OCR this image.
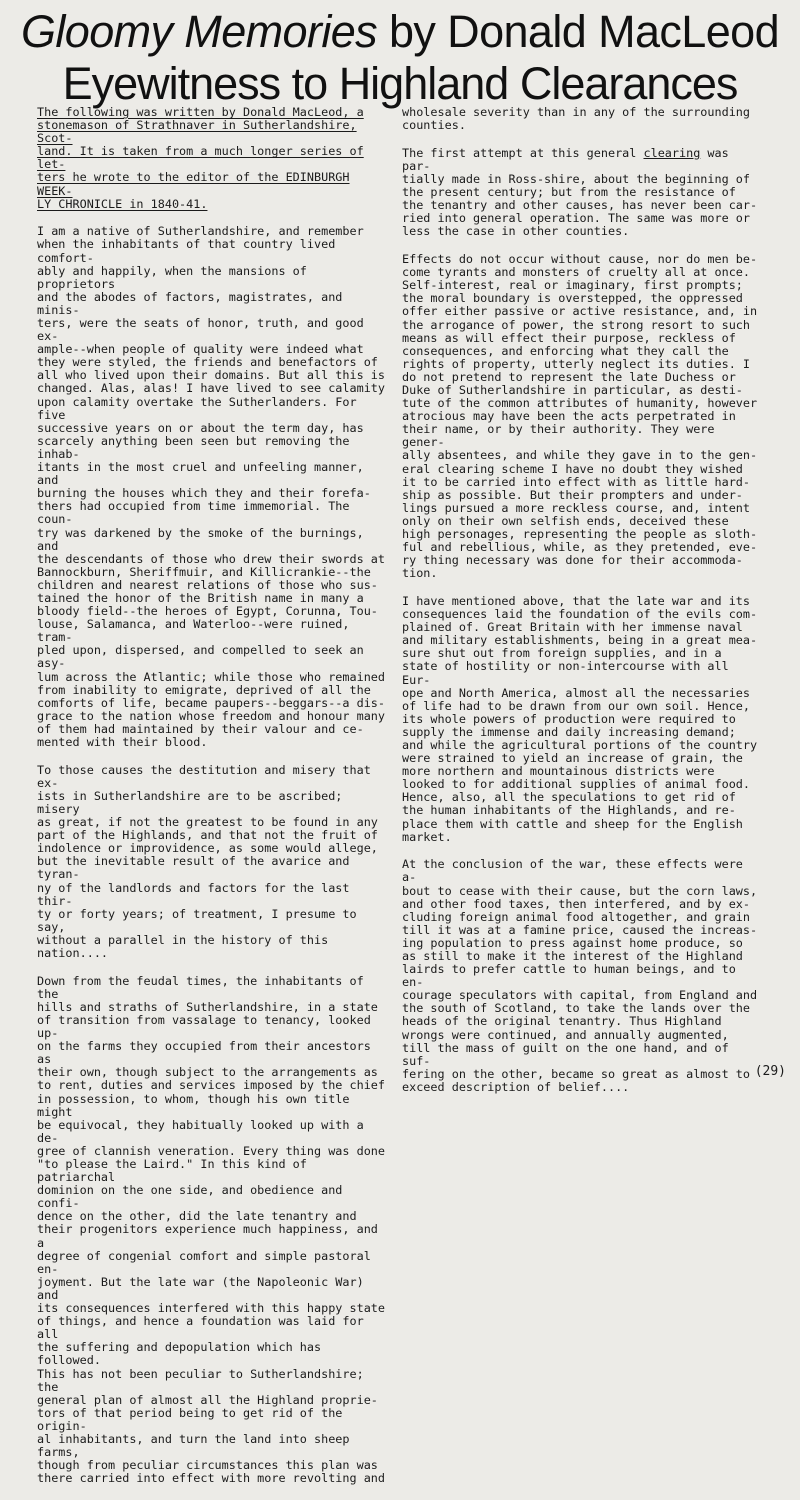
Gloomy Memories by Donald MacLeod
Eyewitness to Highland Clearances

The following was written by Donald MacLeod, a
stonemason of Strathnaver in Sutherlandshire, Scot-
land. It is taken from a much longer series of let-
ters he wrote to the editor of the EDINBURGH WEEK-
LY CHRONICLE in 1840-41.

I am a native of Sutherlandshire, and remember
when the inhabitants of that country lived comfort-
ably and happily, when the mansions of proprietors
and the abodes of factors, magistrates, and minis-
ters, were the seats of honor, truth, and good ex-
ample--when people of quality were indeed what
they were styled, the friends and benefactors of
all who lived upon their domains. But all this is
changed. Alas, alas! I have lived to see calamity
upon calamity overtake the Sutherlanders. For five
successive years on or about the term day, has
scarcely anything been seen but removing the inhab-
itants in the most cruel and unfeeling manner, and
burning the houses which they and their forefa-
thers had occupied from time immemorial. The coun-
try was darkened by the smoke of the burnings, and
the descendants of those who drew their swords at
Bannockburn, Sheriffmuir, and Killicrankie--the
children and nearest relations of those who sus-
tained the honor of the British name in many a
bloody field--the heroes of Egypt, Corunna, Tou-
louse, Salamanca, and Waterloo--were ruined, tram-
pled upon, dispersed, and compelled to seek an asy-
lum across the Atlantic; while those who remained
from inability to emigrate, deprived of all the
comforts of life, became paupers--beggars--a dis-
grace to the nation whose freedom and honour many
of them had maintained by their valour and ce-
mented with their blood.

To those causes the destitution and misery that ex-
ists in Sutherlandshire are to be ascribed; misery
as great, if not the greatest to be found in any
part of the Highlands, and that not the fruit of
indolence or improvidence, as some would allege,
but the inevitable result of the avarice and tyran-
ny of the landlords and factors for the last thir-
ty or forty years; of treatment, I presume to say,
without a parallel in the history of this nation....

Down from the feudal times, the inhabitants of the
hills and straths of Sutherlandshire, in a state
of transition from vassalage to tenancy, looked up-
on the farms they occupied from their ancestors as
their own, though subject to the arrangements as
to rent, duties and services imposed by the chief
in possession, to whom, though his own title might
be equivocal, they habitually looked up with a de-
gree of clannish veneration. Every thing was done
"to please the Laird." In this kind of patriarchal
dominion on the one side, and obedience and confi-
dence on the other, did the late tenantry and
their progenitors experience much happiness, and a
degree of congenial comfort and simple pastoral en-
joyment. But the late war (the Napoleonic War) and
its consequences interfered with this happy state
of things, and hence a foundation was laid for all
the suffering and depopulation which has followed.
This has not been peculiar to Sutherlandshire; the
general plan of almost all the Highland proprie-
tors of that period being to get rid of the origin-
al inhabitants, and turn the land into sheep farms,
though from peculiar circumstances this plan was
there carried into effect with more revolting and

wholesale severity than in any of the surrounding
counties.

The first attempt at this general clearing was par-
tially made in Ross-shire, about the beginning of
the present century; but from the resistance of
the tenantry and other causes, has never been car-
ried into general operation. The same was more or
less the case in other counties.

Effects do not occur without cause, nor do men be-
come tyrants and monsters of cruelty all at once.
Self-interest, real or imaginary, first prompts;
the moral boundary is overstepped, the oppressed
offer either passive or active resistance, and, in
the arrogance of power, the strong resort to such
means as will effect their purpose, reckless of
consequences, and enforcing what they call the
rights of property, utterly neglect its duties. I
do not pretend to represent the late Duchess or
Duke of Sutherlandshire in particular, as desti-
tute of the common attributes of humanity, however
atrocious may have been the acts perpetrated in
their name, or by their authority. They were gener-
ally absentees, and while they gave in to the gen-
eral clearing scheme I have no doubt they wished
it to be carried into effect with as little hard-
ship as possible. But their prompters and under-
lings pursued a more reckless course, and, intent
only on their own selfish ends, deceived these
high personages, representing the people as sloth-
ful and rebellious, while, as they pretended, eve-
ry thing necessary was done for their accommoda-
tion.

I have mentioned above, that the late war and its
consequences laid the foundation of the evils com-
plained of. Great Britain with her immense naval
and military establishments, being in a great mea-
sure shut out from foreign supplies, and in a
state of hostility or non-intercourse with all Eur-
ope and North America, almost all the necessaries
of life had to be drawn from our own soil. Hence,
its whole powers of production were required to
supply the immense and daily increasing demand;
and while the agricultural portions of the country
were strained to yield an increase of grain, the
more northern and mountainous districts were
looked to for additional supplies of animal food.
Hence, also, all the speculations to get rid of
the human inhabitants of the Highlands, and re-
place them with cattle and sheep for the English
market.

At the conclusion of the war, these effects were a-
bout to cease with their cause, but the corn laws,
and other food taxes, then interfered, and by ex-
cluding foreign animal food altogether, and grain
till it was at a famine price, caused the increas-
ing population to press against home produce, so
as still to make it the interest of the Highland
lairds to prefer cattle to human beings, and to en-
courage speculators with capital, from England and
the south of Scotland, to take the lands over the
heads of the original tenantry. Thus Highland
wrongs were continued, and annually augmented,
till the mass of guilt on the one hand, and of suf-
fering on the other, became so great as almost to
exceed description of belief....

(29)
